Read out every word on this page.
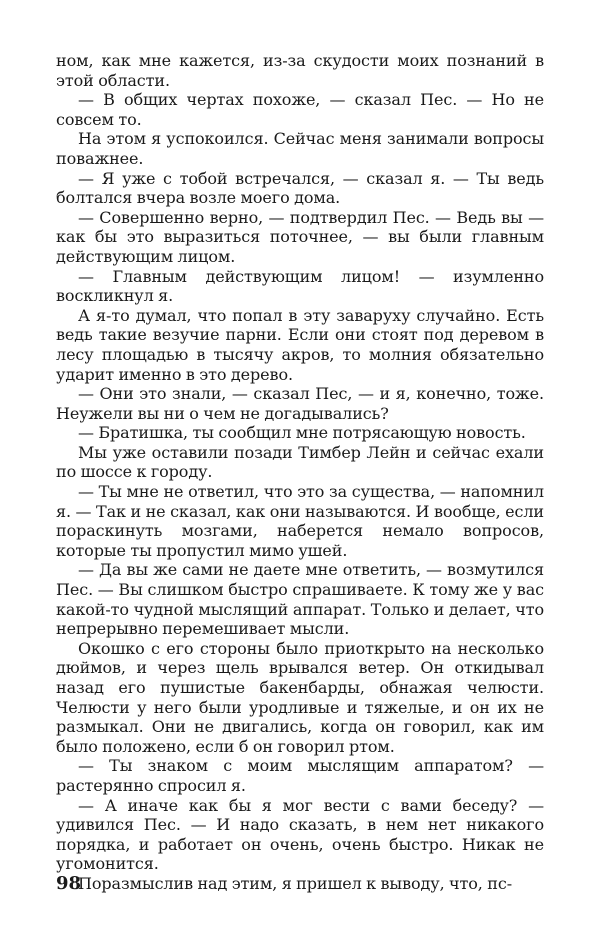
ном, как мне кажется, из-за скудости моих познаний в этой области.

— В общих чертах похоже, — сказал Пес. — Но не совсем то.

На этом я успокоился. Сейчас меня занимали вопросы поважнее.

— Я уже с тобой встречался, — сказал я. — Ты ведь болтался вчера возле моего дома.

— Совершенно верно, — подтвердил Пес. — Ведь вы — как бы это выразиться поточнее, — вы были главным действующим лицом.

— Главным действующим лицом! — изумленно воскликнул я.

А я-то думал, что попал в эту заваруху случайно. Есть ведь такие везучие парни. Если они стоят под деревом в лесу площадью в тысячу акров, то молния обязательно ударит именно в это дерево.

— Они это знали, — сказал Пес, — и я, конечно, тоже. Неужели вы ни о чем не догадывались?

— Братишка, ты сообщил мне потрясающую новость.

Мы уже оставили позади Тимбер Лейн и сейчас ехали по шоссе к городу.

— Ты мне не ответил, что это за существа, — напомнил я. — Так и не сказал, как они называются. И вообще, если пораскинуть мозгами, наберется немало вопросов, которые ты пропустил мимо ушей.

— Да вы же сами не даете мне ответить, — возмутился Пес. — Вы слишком быстро спрашиваете. К тому же у вас какой-то чудной мыслящий аппарат. Только и делает, что непрерывно перемешивает мысли.

Окошко с его стороны было приоткрыто на несколько дюймов, и через щель врывался ветер. Он откидывал назад его пушистые бакенбарды, обнажая челюсти. Челюсти у него были уродливые и тяжелые, и он их не размыкал. Они не двигались, когда он говорил, как им было положено, если б он говорил ртом.

— Ты знаком с моим мыслящим аппаратом? — растерянно спросил я.

— А иначе как бы я мог вести с вами беседу? — удивился Пес. — И надо сказать, в нем нет никакого порядка, и работает он очень, очень быстро. Никак не угомонится.

Поразмыслив над этим, я пришел к выводу, что, пс-

98
